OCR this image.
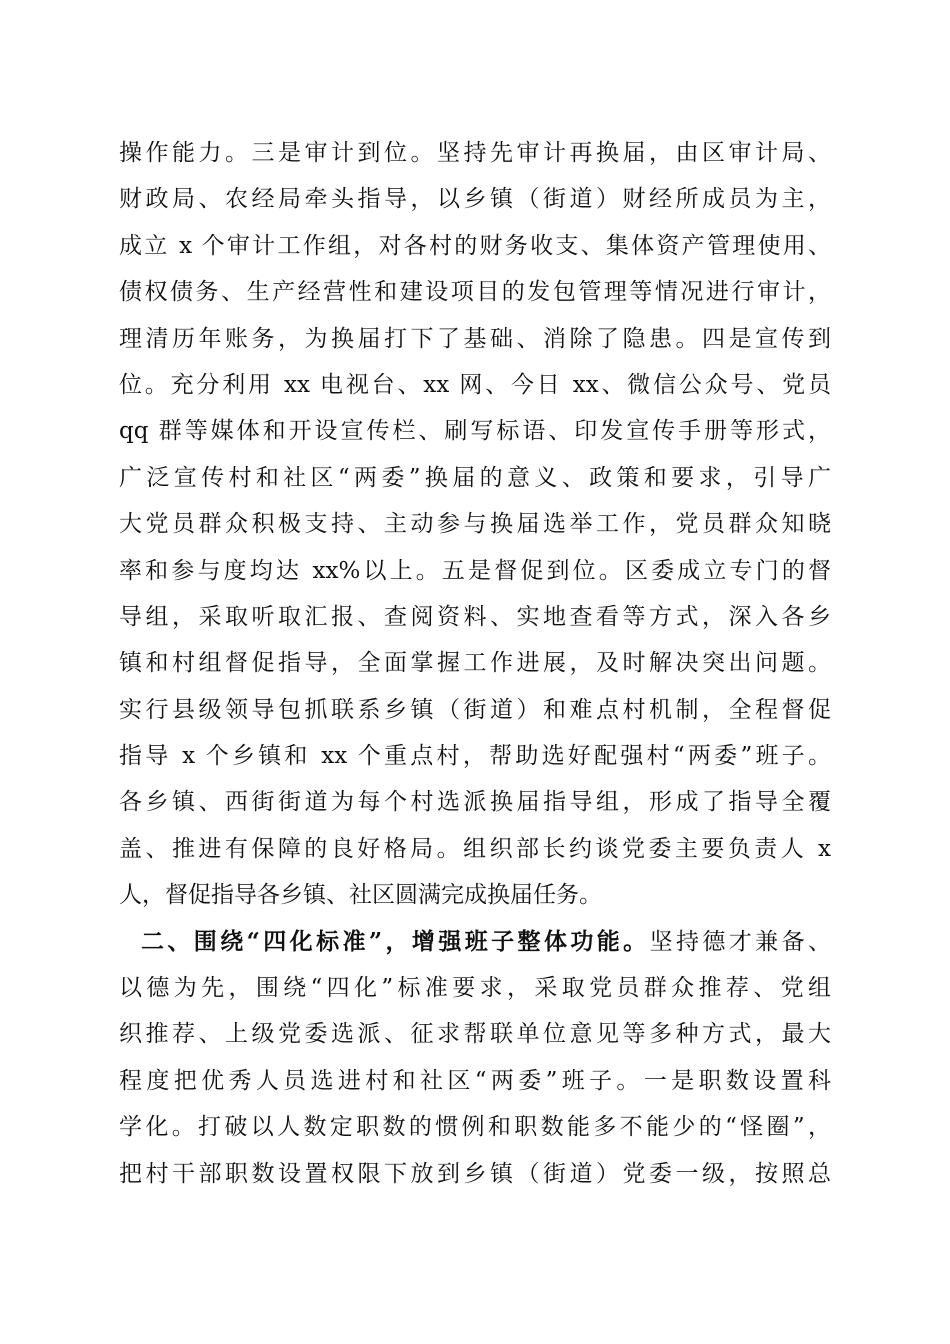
操作能力。三是审计到位。坚持先审计再换届，由区审计局、
财政局、农经局牵头指导，以乡镇（街道）财经所成员为主，
成立 x 个审计工作组，对各村的财务收支、集体资产管理使用、
债权债务、生产经营性和建设项目的发包管理等情况进行审计，
理清历年账务，为换届打下了基础、消除了隐患。四是宣传到
位。充分利用 xx 电视台、xx 网、今日 xx、微信公众号、党员
qq 群等媒体和开设宣传栏、刷写标语、印发宣传手册等形式，
广泛宣传村和社区“两委”换届的意义、政策和要求，引导广
大党员群众积极支持、主动参与换届选举工作，党员群众知晓
率和参与度均达 xx%以上。五是督促到位。区委成立专门的督
导组，采取听取汇报、查阅资料、实地查看等方式，深入各乡
镇和村组督促指导，全面掌握工作进展，及时解决突出问题。
实行县级领导包抓联系乡镇（街道）和难点村机制，全程督促
指导 x 个乡镇和 xx 个重点村，帮助选好配强村“两委”班子。
各乡镇、西街街道为每个村选派换届指导组，形成了指导全覆
盖、推进有保障的良好格局。组织部长约谈党委主要负责人 x
人，督促指导各乡镇、社区圆满完成换届任务。
二、围绕“四化标准”，增强班子整体功能。坚持德才兼备、
以德为先，围绕“四化”标准要求，采取党员群众推荐、党组
织推荐、上级党委选派、征求帮联单位意见等多种方式，最大
程度把优秀人员选进村和社区“两委”班子。一是职数设置科
学化。打破以人数定职数的惯例和职数能多不能少的“怪圈”，
把村干部职数设置权限下放到乡镇（街道）党委一级，按照总
